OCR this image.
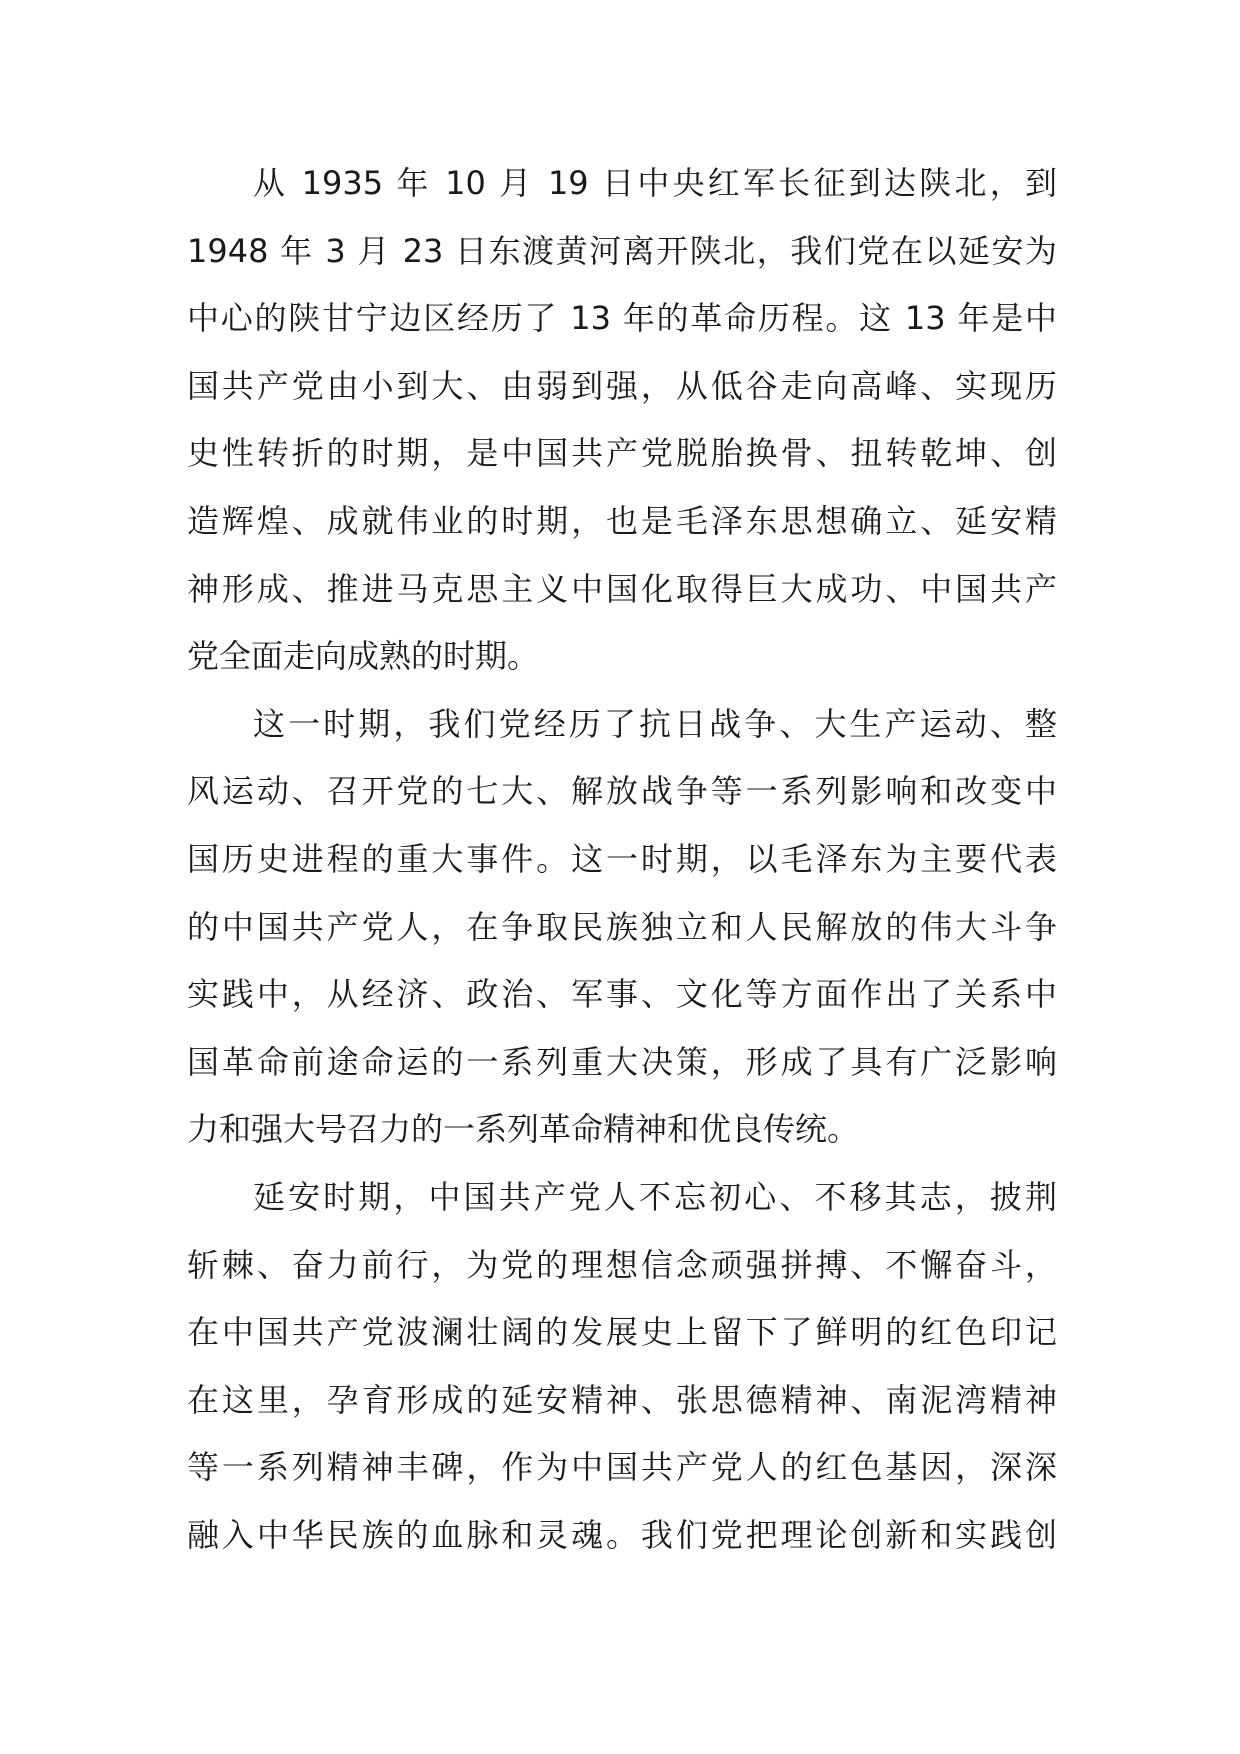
从 1935 年 10 月 19 日中央红军长征到达陕北，到
1948 年 3 月 23 日东渡黄河离开陕北，我们党在以延安为
中心的陕甘宁边区经历了 13 年的革命历程。这 13 年是中
国共产党由小到大、由弱到强，从低谷走向高峰、实现历
史性转折的时期，是中国共产党脱胎换骨、扭转乾坤、创
造辉煌、成就伟业的时期，也是毛泽东思想确立、延安精
神形成、推进马克思主义中国化取得巨大成功、中国共产
党全面走向成熟的时期。
这一时期，我们党经历了抗日战争、大生产运动、整
风运动、召开党的七大、解放战争等一系列影响和改变中
国历史进程的重大事件。这一时期，以毛泽东为主要代表
的中国共产党人，在争取民族独立和人民解放的伟大斗争
实践中，从经济、政治、军事、文化等方面作出了关系中
国革命前途命运的一系列重大决策，形成了具有广泛影响
力和强大号召力的一系列革命精神和优良传统。
延安时期，中国共产党人不忘初心、不移其志，披荆
斩棘、奋力前行，为党的理想信念顽强拼搏、不懈奋斗，
在中国共产党波澜壮阔的发展史上留下了鲜明的红色印记
在这里，孕育形成的延安精神、张思德精神、南泥湾精神
等一系列精神丰碑，作为中国共产党人的红色基因，深深
融入中华民族的血脉和灵魂。我们党把理论创新和实践创
